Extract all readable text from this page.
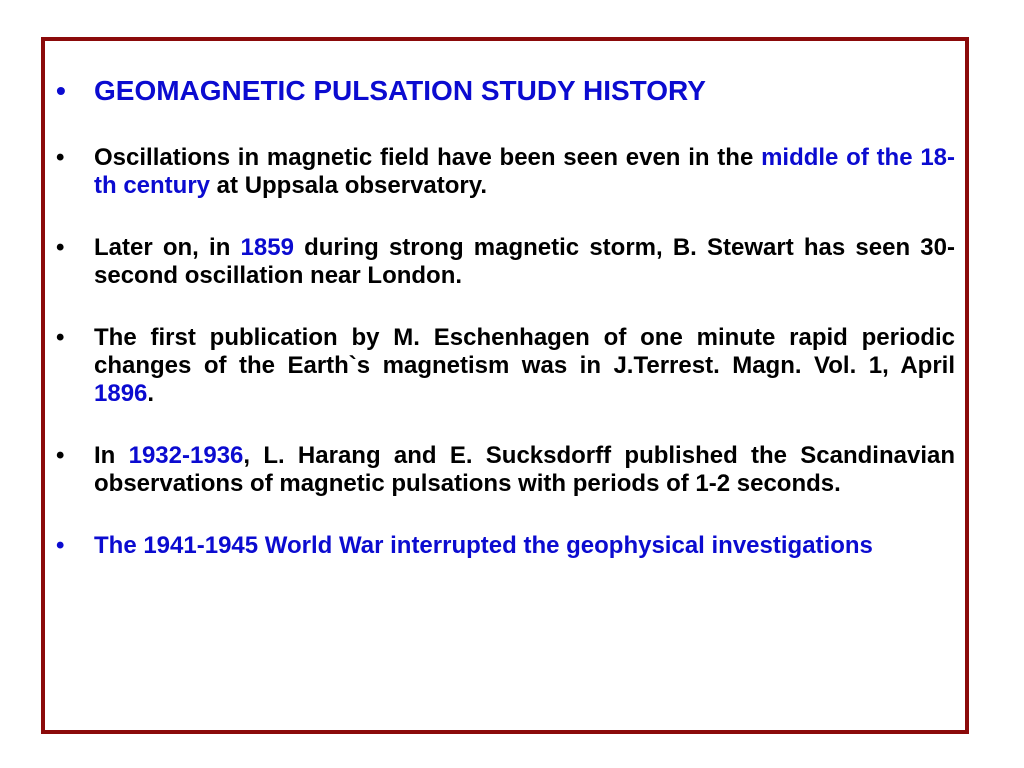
•	GEOMAGNETIC PULSATION STUDY HISTORY
•	Oscillations in magnetic field have been seen even in the middle of the 18-th century at Uppsala observatory.
•	Later on, in 1859 during strong magnetic storm, B. Stewart has seen 30-second oscillation near London.
•	The first publication by M. Eschenhagen of one minute rapid periodic changes of the Earth`s magnetism was in J.Terrest. Magn. Vol. 1, April 1896.
•	In 1932-1936, L. Harang and E. Sucksdorff published the Scandinavian observations of magnetic pulsations with periods of 1-2 seconds.
•	The 1941-1945 World War interrupted the geophysical investigations
